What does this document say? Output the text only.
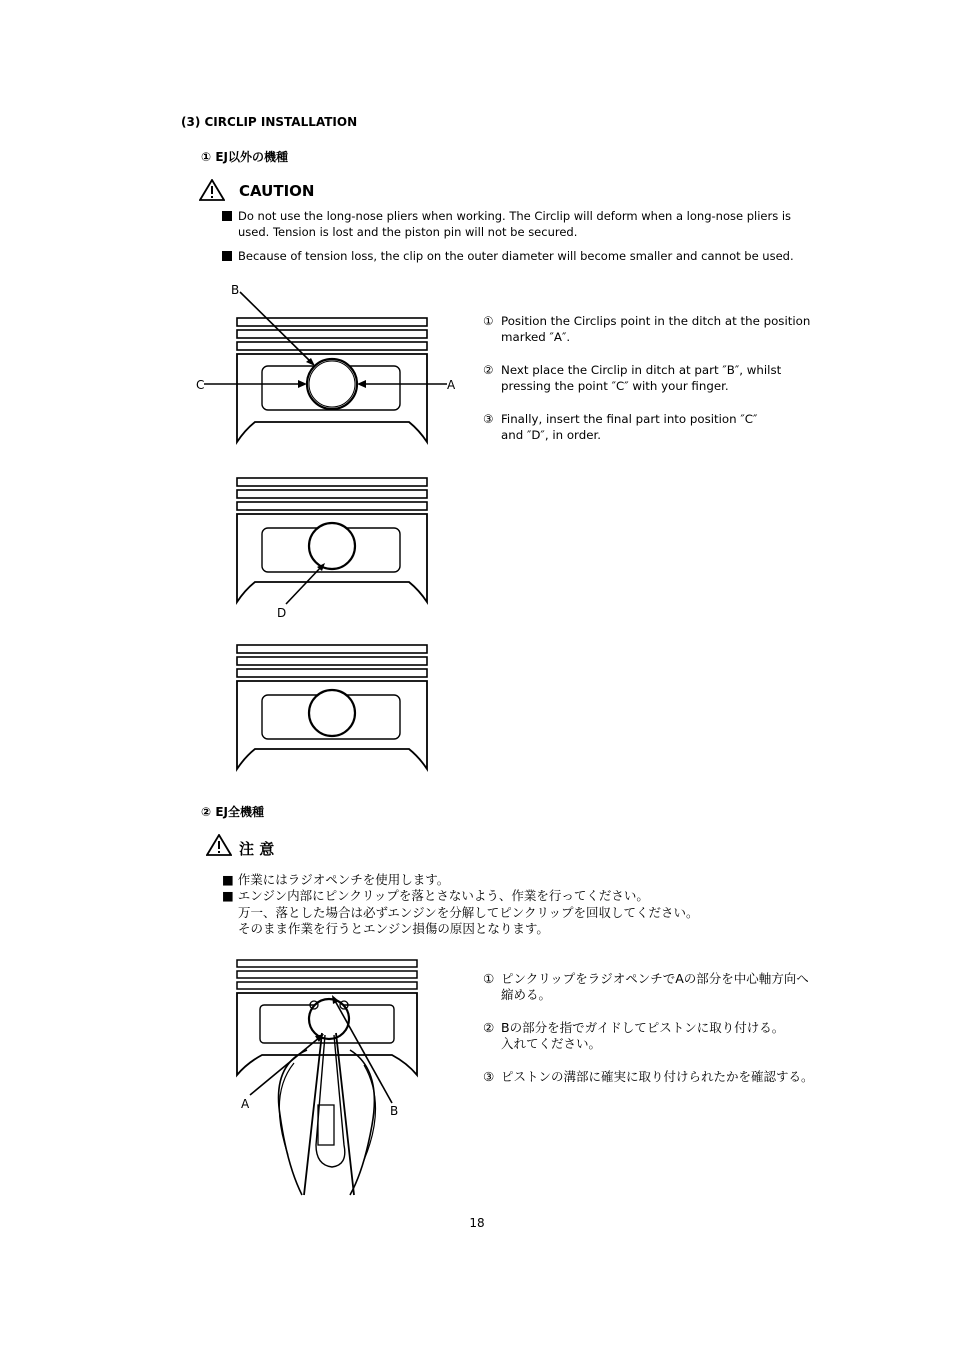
(3) CIRCLIP INSTALLATION
① EJ以外の機種
CAUTION
Do not use the long-nose pliers when working. The Circlip will deform when a long-nose pliers is
used. Tension is lost and the piston pin will not be secured.
Because of tension loss, the clip on the outer diameter will become smaller and cannot be used.
B
C	A
D
① Position the Circlips point in the ditch at the position
marked ″A″.
② Next place the Circlip in ditch at part ″B″, whilst
pressing the point ″C″ with your finger.
③ Finally, insert the final part into position ″C″
and ″D″, in order.
② EJ全機種
注 意
■ 作業にはラジオペンチを使用します。
■ エンジン内部にピンクリップを落とさないよう、作業を行ってください。
万一、落とした場合は必ずエンジンを分解してピンクリップを回収してください。
そのまま作業を行うとエンジン損傷の原因となります。
A	B
① ピンクリップをラジオペンチでAの部分を中心軸方向へ
縮める。
② Bの部分を指でガイドしてピストンに取り付ける。
入れてください。
③ ピストンの溝部に確実に取り付けられたかを確認する。
18
